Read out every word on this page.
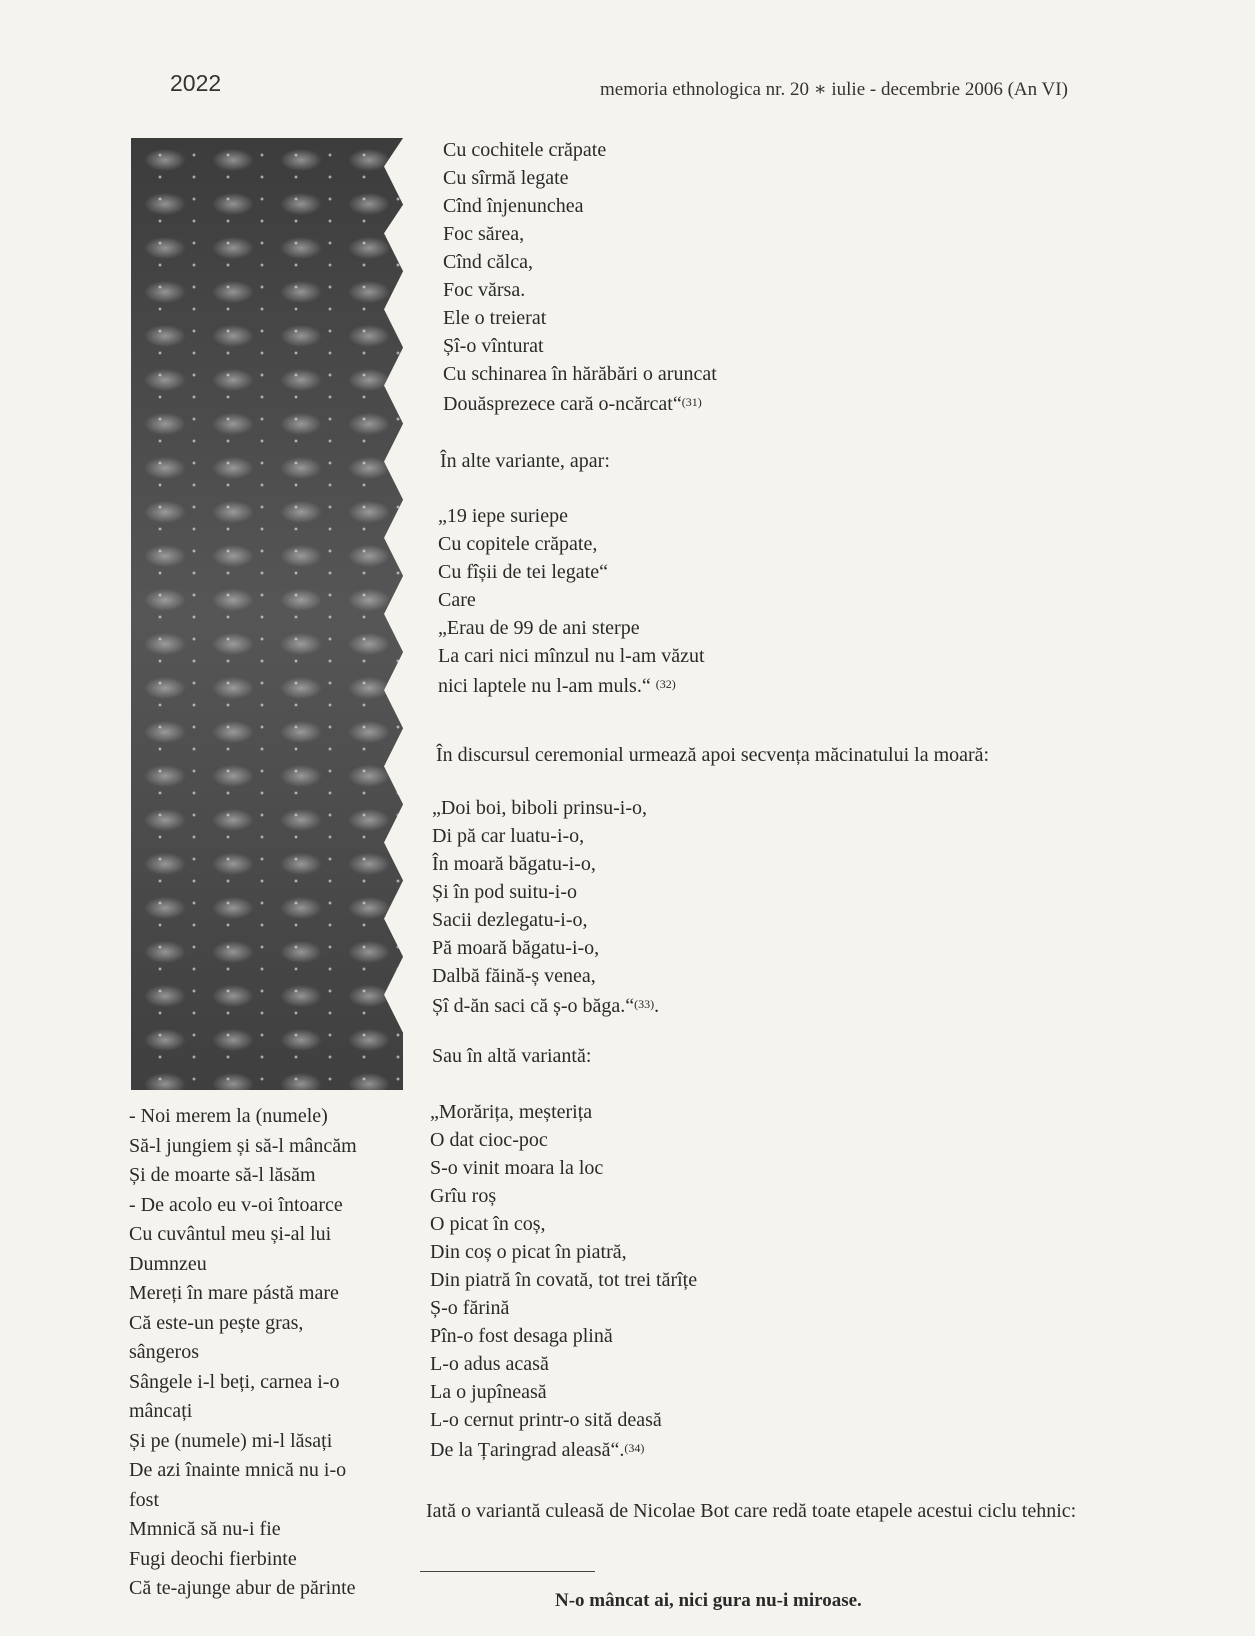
2022	memoria ethnologica nr. 20 ∗ iulie - decembrie 2006 (An VI)
- Noi merem la (numele)
Să-l jungiem și să-l mâncăm
Și de moarte să-l lăsăm
- De acolo eu v-oi întoarce
Cu cuvântul meu și-al lui
Dumnzeu
Mereți în mare pástă mare
Că este-un pește gras,
sângeros
Sângele i-l beți, carnea i-o
mâncați
Și pe (numele) mi-l lăsați
De azi înainte mnică nu i-o
fost
Mmnică să nu-i fie
Fugi deochi fierbinte
Că te-ajunge abur de părinte
Cu cochitele crăpate
Cu sîrmă legate
Cînd înjenunchea
Foc sărea,
Cînd călca,
Foc vărsa.
Ele o treierat
Șî-o vînturat
Cu schinarea în hărăbări o aruncat
Douăsprezece cară o-ncărcat“$^{(31)}$
În alte variante, apar:
„19 iepe suriepe
Cu copitele crăpate,
Cu fîșii de tei legate“
Care
„Erau de 99 de ani sterpe
La cari nici mînzul nu l-am văzut
nici laptele nu l-am muls.“ $^{(32)}$
În discursul ceremonial urmează apoi secvența măcinatului la moară:
„Doi boi, biboli prinsu-i-o,
Di pă car luatu-i-o,
În moară băgatu-i-o,
Și în pod suitu-i-o
Sacii dezlegatu-i-o,
Pă moară băgatu-i-o,
Dalbă făină-ș venea,
Șî d-ăn saci că ș-o băga.“$^{(33)}$.
Sau în altă variantă:
„Morărița, meșterița
O dat cioc-poc
S-o vinit moara la loc
Grîu roș
O picat în coș,
Din coș o picat în piatră,
Din piatră în covată, tot trei tărîțe
Ș-o fărină
Pîn-o fost desaga plină
L-o adus acasă
La o jupîneasă
L-o cernut printr-o sită deasă
De la Țaringrad aleasă“.$^{(34)}$
Iată o variantă culeasă de Nicolae Bot care redă toate etapele acestui ciclu tehnic:
N-o mâncat ai, nici gura nu-i miroase.
